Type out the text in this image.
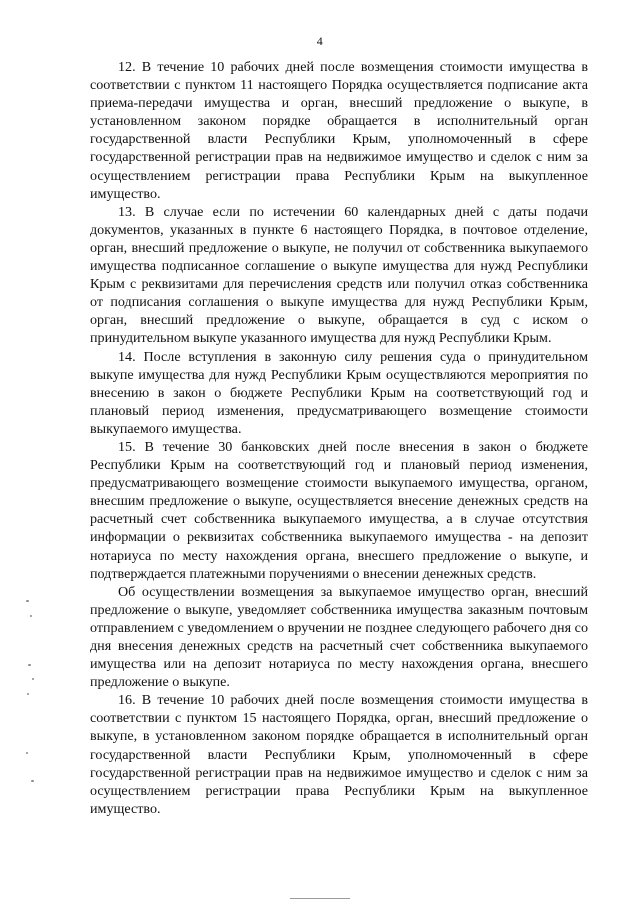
4

12. В течение 10 рабочих дней после возмещения стоимости имущества в соответствии с пунктом 11 настоящего Порядка осуществляется подписание акта приема-передачи имущества и орган, внесший предложение о выкупе, в установленном законом порядке обращается в исполнительный орган государственной власти Республики Крым, уполномоченный в сфере государственной регистрации прав на недвижимое имущество и сделок с ним за осуществлением регистрации права Республики Крым на выкупленное имущество.

13. В случае если по истечении 60 календарных дней с даты подачи документов, указанных в пункте 6 настоящего Порядка, в почтовое отделение, орган, внесший предложение о выкупе, не получил от собственника выкупаемого имущества подписанное соглашение о выкупе имущества для нужд Республики Крым с реквизитами для перечисления средств или получил отказ собственника от подписания соглашения о выкупе имущества для нужд Республики Крым, орган, внесший предложение о выкупе, обращается в суд с иском о принудительном выкупе указанного имущества для нужд Республики Крым.

14. После вступления в законную силу решения суда о принудительном выкупе имущества для нужд Республики Крым осуществляются мероприятия по внесению в закон о бюджете Республики Крым на соответствующий год и плановый период изменения, предусматривающего возмещение стоимости выкупаемого имущества.

15. В течение 30 банковских дней после внесения в закон о бюджете Республики Крым на соответствующий год и плановый период изменения, предусматривающего возмещение стоимости выкупаемого имущества, органом, внесшим предложение о выкупе, осуществляется внесение денежных средств на расчетный счет собственника выкупаемого имущества, а в случае отсутствия информации о реквизитах собственника выкупаемого имущества - на депозит нотариуса по месту нахождения органа, внесшего предложение о выкупе, и подтверждается платежными поручениями о внесении денежных средств.

Об осуществлении возмещения за выкупаемое имущество орган, внесший предложение о выкупе, уведомляет собственника имущества заказным почтовым отправлением с уведомлением о вручении не позднее следующего рабочего дня со дня внесения денежных средств на расчетный счет собственника выкупаемого имущества или на депозит нотариуса по месту нахождения органа, внесшего предложение о выкупе.

16. В течение 10 рабочих дней после возмещения стоимости имущества в соответствии с пунктом 15 настоящего Порядка, орган, внесший предложение о выкупе, в установленном законом порядке обращается в исполнительный орган государственной власти Республики Крым, уполномоченный в сфере государственной регистрации прав на недвижимое имущество и сделок с ним за осуществлением регистрации права Республики Крым на выкупленное имущество.
